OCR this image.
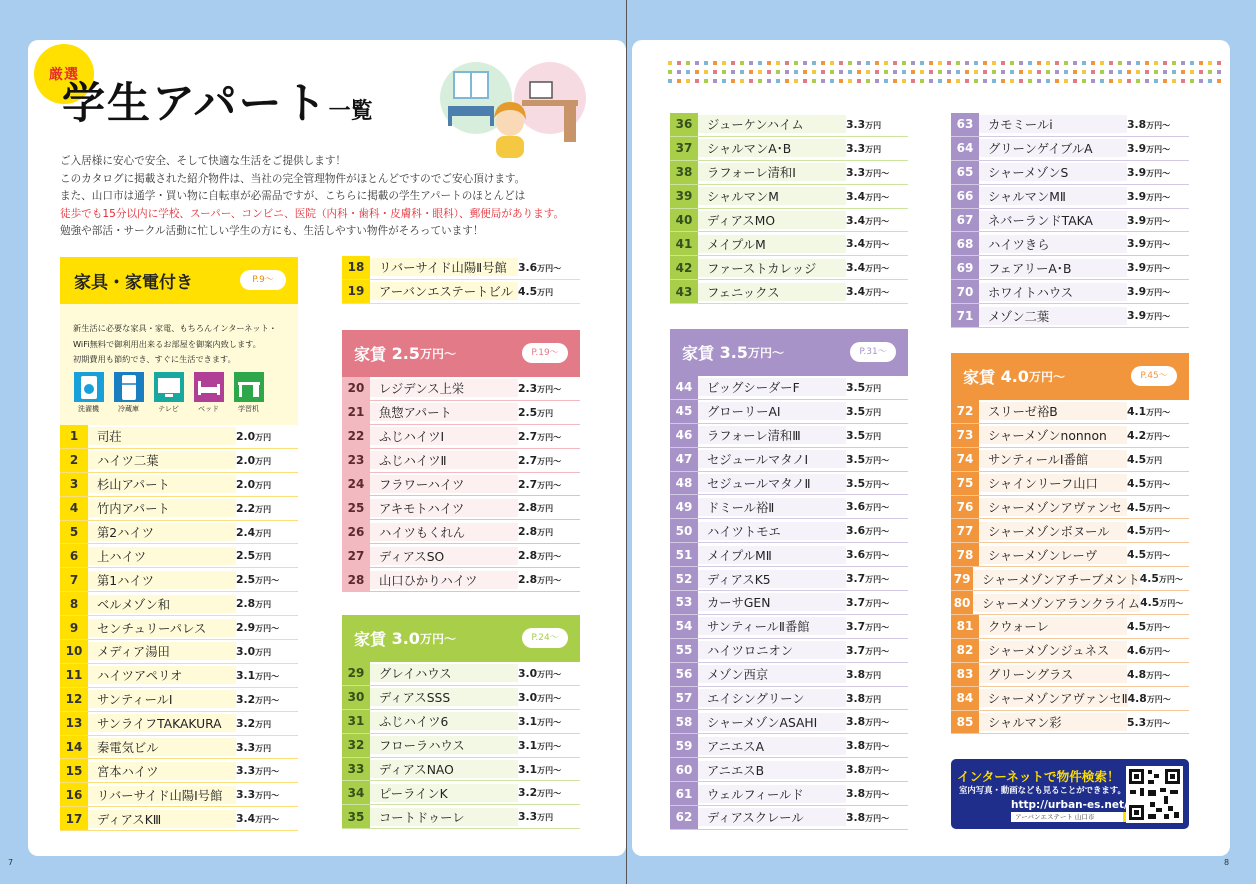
7	8
厳選
学生アパート一覧
ご入居様に安心で安全、そして快適な生活をご提供します！
このカタログに掲載された紹介物件は、当社の完全管理物件がほとんどですのでご安心頂けます。
また、山口市は通学・買い物に自転車が必需品ですが、こちらに掲載の学生アパートのほとんどは
徒歩でも15分以内に学校、スーパー、コンビニ、医院（内科・歯科・皮膚科・眼科）、郵便局があります。
勉強や部活・サークル活動に忙しい学生の方にも、生活しやすい物件がそろっています！
家具・家電付き	P.9〜
新生活に必要な家具・家電、もちろんインターネット・
WiFi無料で御利用出来るお部屋を御案内致します。
初期費用も節約でき、すぐに生活できます。
洗濯機	冷蔵庫	テレビ	ベッド	学習机
1	司荘	2.0万円
2	ハイツ二葉	2.0万円
3	杉山アパート	2.0万円
4	竹内アパート	2.2万円
5	第2ハイツ	2.4万円
6	上ハイツ	2.5万円
7	第1ハイツ	2.5万円〜
8	ベルメゾン和	2.8万円
9	センチュリーパレス	2.9万円〜
10	メディア湯田	3.0万円
11	ハイツアペリオ	3.1万円〜
12	サンティールⅠ	3.2万円〜
13	サンライフTAKAKURA	3.2万円
14	秦電気ビル	3.3万円
15	宮本ハイツ	3.3万円〜
16	リバーサイド山陽Ⅰ号館	3.3万円〜
17	ディアスKⅢ	3.4万円〜
18	リバーサイド山陽Ⅱ号館	3.6万円〜
19	アーバンエステートビル 4.5万円
家賃
2.5 万円〜	P.19〜
20	レジデンス上栄	2.3万円〜
21	魚惣アパート	2.5万円
22	ふじハイツⅠ	2.7万円〜
23	ふじハイツⅡ	2.7万円〜
24	フラワーハイツ	2.7万円〜
25	アキモトハイツ	2.8万円
26	ハイツもくれん	2.8万円
27	ディアスSO	2.8万円〜
28	山口ひかりハイツ	2.8万円〜
家賃
3.0 万円〜	P.24〜
29	グレイハウス	3.0万円〜
30	ディアスSSS	3.0万円〜
31	ふじハイツ6	3.1万円〜
32	フローラハウス	3.1万円〜
33	ディアスNAO	3.1万円〜
34	ピーラインK	3.2万円〜
35	コートドゥーレ	3.3万円
36	ジューケンハイム	3.3万円
37	シャルマンA･B	3.3万円
38	ラフォーレ清和Ⅰ	3.3万円〜
39	シャルマンM	3.4万円〜
40	ディアスMO	3.4万円〜
41	メイプルM	3.4万円〜
42	ファーストカレッジ	3.4万円〜
43	フェニックス	3.4万円〜
家賃
3.5 万円〜	P.31〜
44	ビッグシーダーF	3.5万円
45	グローリーAⅠ	3.5万円
46	ラフォーレ清和Ⅲ	3.5万円
47	セジュールマタノⅠ	3.5万円〜
48	セジュールマタノⅡ	3.5万円〜
49	ドミール裕Ⅱ	3.6万円〜
50	ハイツトモエ	3.6万円〜
51	メイプルMⅡ	3.6万円〜
52	ディアスK5	3.7万円〜
53	カーサGEN	3.7万円〜
54	サンティールⅡ番館	3.7万円〜
55	ハイツロニオン	3.7万円〜
56	メゾン西京	3.8万円
57	エイシングリーン	3.8万円
58	シャーメゾンASAHI	3.8万円〜
59	アニエスA	3.8万円〜
60	アニエスB	3.8万円〜
61	ウェルフィールド	3.8万円〜
62	ディアスクレール	3.8万円〜
63	カモミールi	3.8万円〜
64	グリーンゲイブルA	3.9万円〜
65	シャーメゾンS	3.9万円〜
66	シャルマンMⅡ	3.9万円〜
67	ネバーランドTAKA	3.9万円〜
68	ハイツきら	3.9万円〜
69	フェアリーA･B	3.9万円〜
70	ホワイトハウス	3.9万円〜
71	メゾン二葉	3.9万円〜
家賃
4.0 万円〜	P.45〜
72	スリーゼ裕B	4.1万円〜
73	シャーメゾンnonnon	4.2万円〜
74	サンティールⅠ番館	4.5万円
75	シャインリーフ山口	4.5万円〜
76	シャーメゾンアヴァンセ 4.5万円〜
77	シャーメゾンボヌール	4.5万円〜
78	シャーメゾンレーヴ	4.5万円〜
79 シャーメゾンアチーブメント 4.5万円〜
80 シャーメゾンアランクライム 4.5万円〜
81	クウォーレ	4.5万円〜
82	シャーメゾンジュネス	4.6万円〜
83	グリーングラス	4.8万円〜
84	シャーメゾンアヴァンセⅡ 4.8万円〜
85	シャルマン彩	5.3万円〜
インターネットで物件検索！
室内写真・動画なども見ることができます。
http://urban-es.net/
アーバンエステート 山口市
